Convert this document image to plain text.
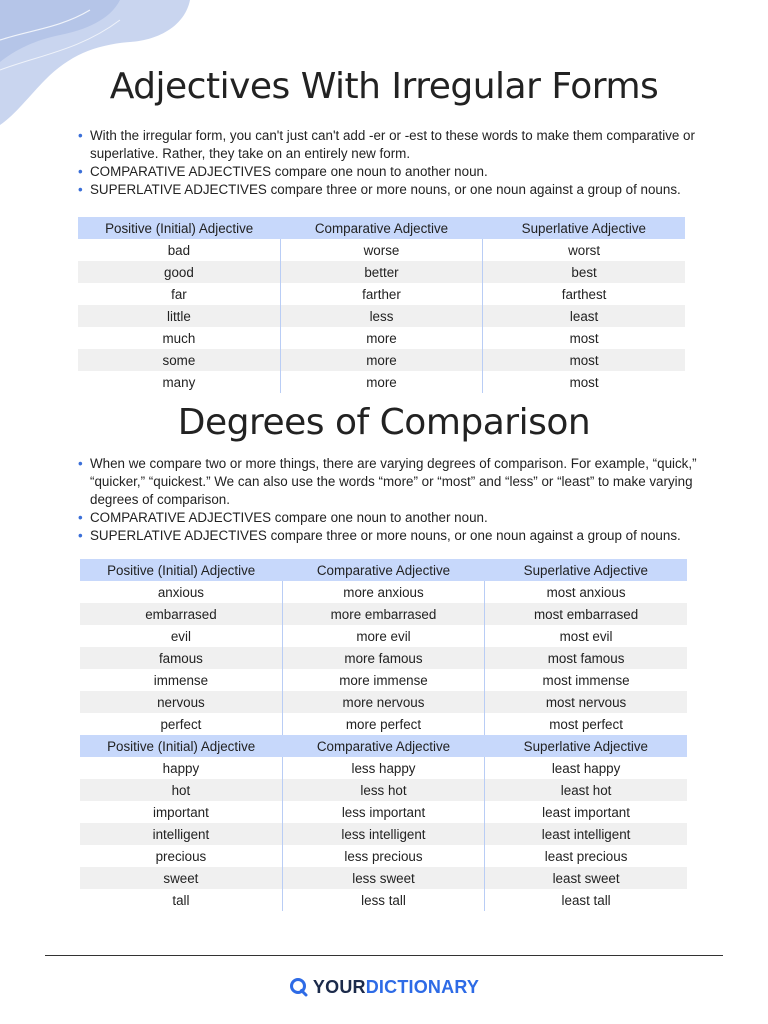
Adjectives With Irregular Forms
• With the irregular form, you can't just can't add -er or -est to these words to make them comparative or superlative. Rather, they take on an entirely new form.
• COMPARATIVE ADJECTIVES compare one noun to another noun.
• SUPERLATIVE ADJECTIVES compare three or more nouns, or one noun against a group of nouns.
Positive (Initial) Adjective	Comparative Adjective	Superlative Adjective
bad	worse	worst
good	better	best
far	farther	farthest
little	less	least
much	more	most
some	more	most
many	more	most
Degrees of Comparison
• When we compare two or more things, there are varying degrees of comparison. For example, “quick,” “quicker,” “quickest.” We can also use the words “more” or “most” and “less” or “least” to make varying degrees of comparison.
• COMPARATIVE ADJECTIVES compare one noun to another noun.
• SUPERLATIVE ADJECTIVES compare three or more nouns, or one noun against a group of nouns.
Positive (Initial) Adjective	Comparative Adjective	Superlative Adjective
anxious	more anxious	most anxious
embarrased	more embarrased	most embarrased
evil	more evil	most evil
famous	more famous	most famous
immense	more immense	most immense
nervous	more nervous	most nervous
perfect	more perfect	most perfect
Positive (Initial) Adjective	Comparative Adjective	Superlative Adjective
happy	less happy	least happy
hot	less hot	least hot
important	less important	least important
intelligent	less intelligent	least intelligent
precious	less precious	least precious
sweet	less sweet	least sweet
tall	less tall	least tall
YOURDICTIONARY
